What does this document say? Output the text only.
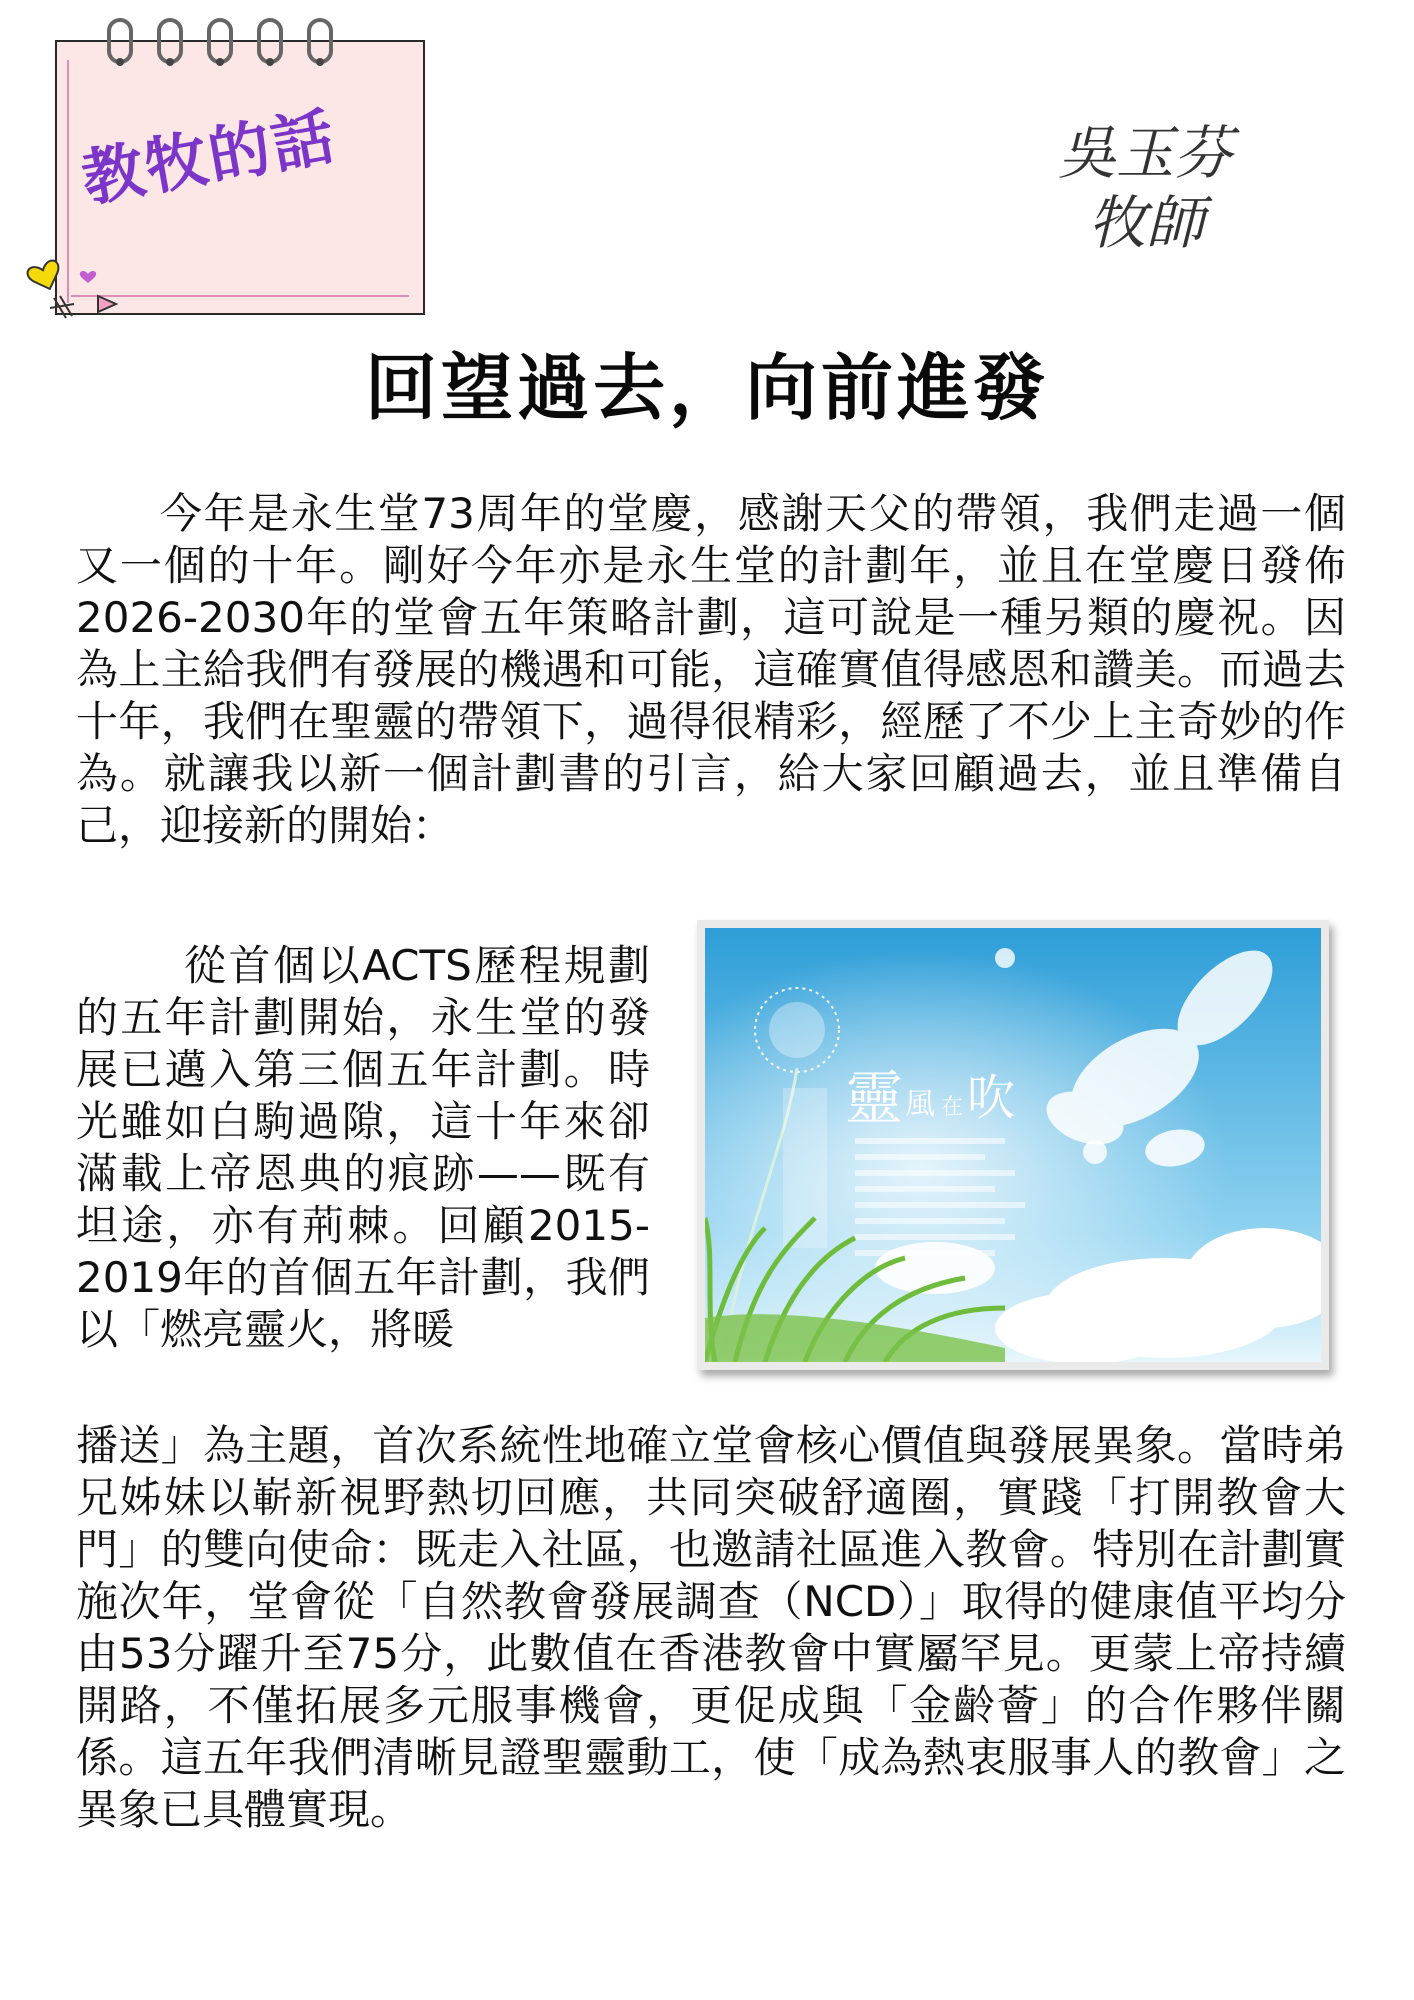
教牧的話	吳玉芬
牧師
回望過去，向前進發

今年是永生堂73周年的堂慶，感謝天父的帶領，我們走過一個又一個的十年。剛好今年亦是永生堂的計劃年，並且在堂慶日發佈2026-2030年的堂會五年策略計劃，這可說是一種另類的慶祝。因為上主給我們有發展的機遇和可能，這確實值得感恩和讚美。而過去十年，我們在聖靈的帶領下，過得很精彩，經歷了不少上主奇妙的作為。就讓我以新一個計劃書的引言，給大家回顧過去，並且準備自己，迎接新的開始：

從首個以ACTS歷程規劃的五年計劃開始，永生堂的發展已邁入第三個五年計劃。時光雖如白駒過隙，這十年來卻滿載上帝恩典的痕跡——既有坦途，亦有荊棘。回顧2015-2019年的首個五年計劃，我們以「燃亮靈火，將暖

靈 風 在 吹

播送」為主題，首次系統性地確立堂會核心價值與發展異象。當時弟兄姊妹以嶄新視野熱切回應，共同突破舒適圈，實踐「打開教會大門」的雙向使命：既走入社區，也邀請社區進入教會。特別在計劃實施次年，堂會從「自然教會發展調查（NCD）」取得的健康值平均分由53分躍升至75分，此數值在香港教會中實屬罕見。更蒙上帝持續開路，不僅拓展多元服事機會，更促成與「金齡薈」的合作夥伴關係。這五年我們清晰見證聖靈動工，使「成為熱衷服事人的教會」之異象已具體實現。
